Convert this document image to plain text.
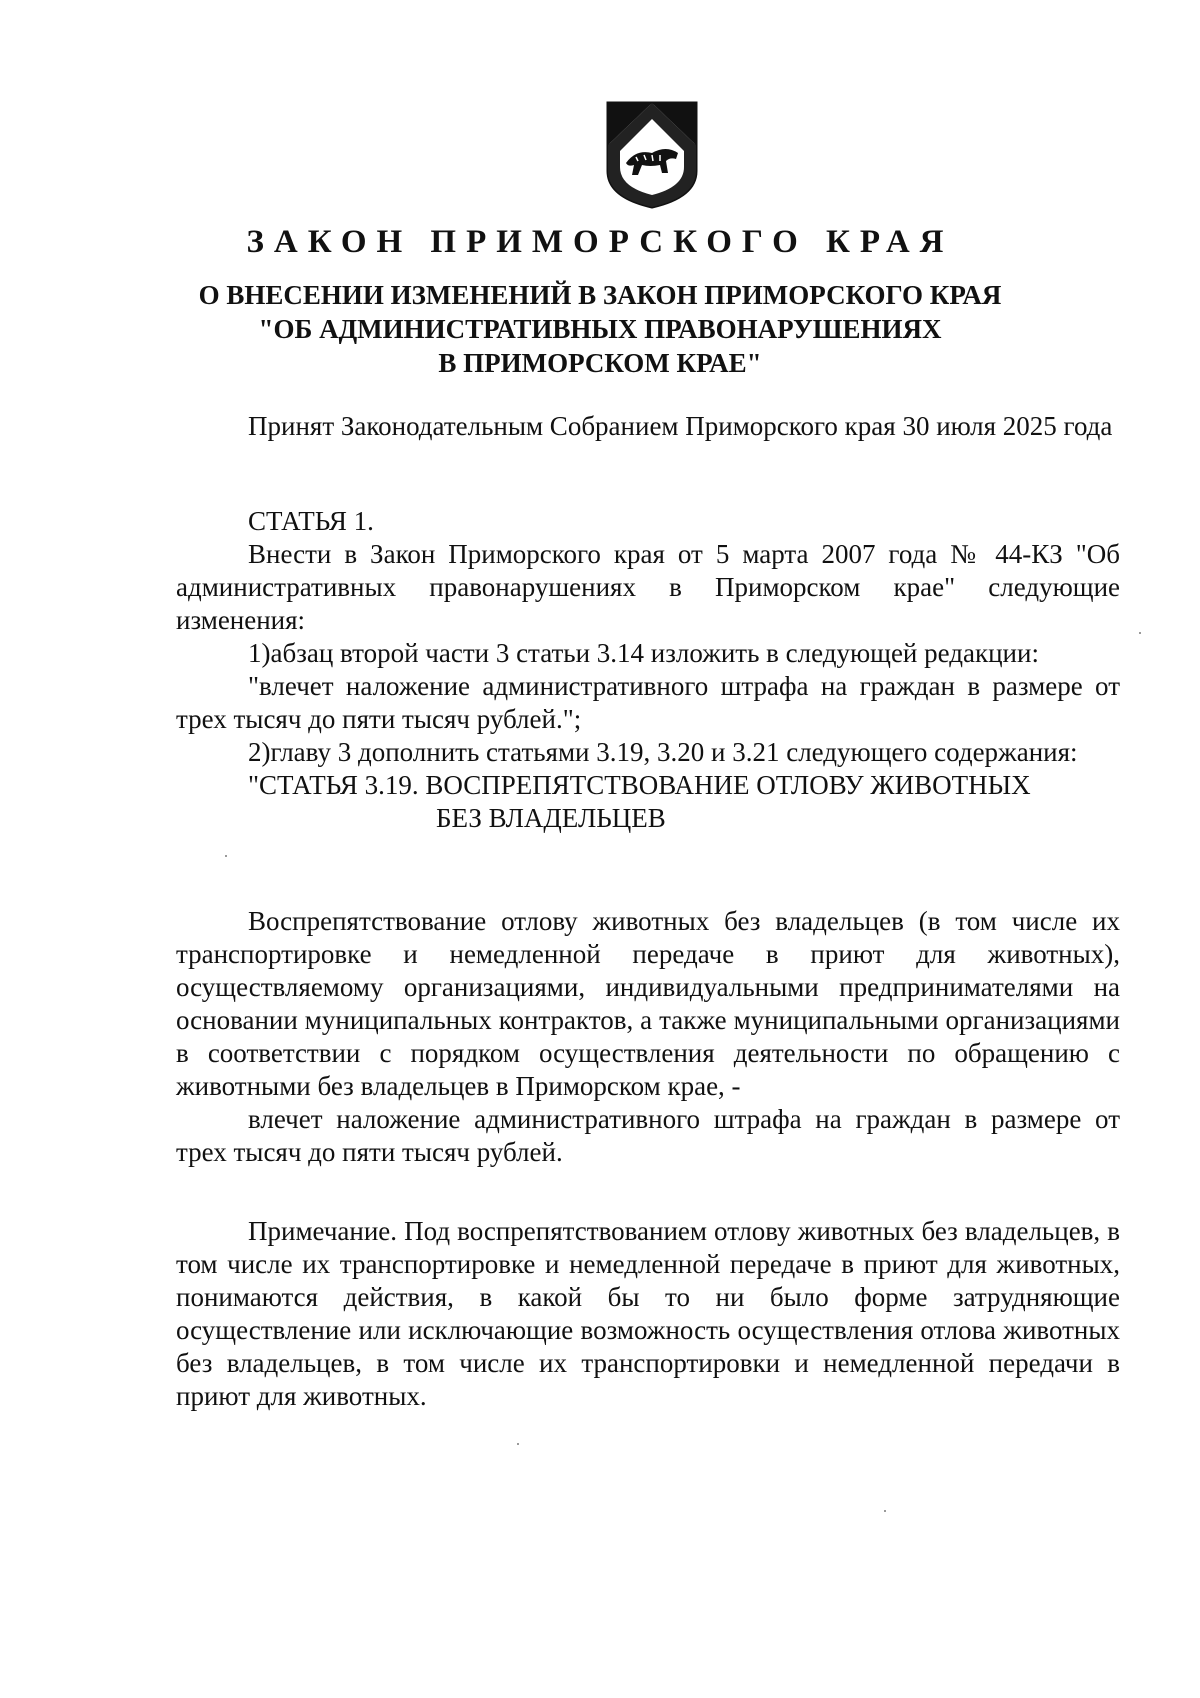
ЗАКОН ПРИМОРСКОГО КРАЯ
О ВНЕСЕНИИ ИЗМЕНЕНИЙ В ЗАКОН ПРИМОРСКОГО КРАЯ
"ОБ АДМИНИСТРАТИВНЫХ ПРАВОНАРУШЕНИЯХ
В ПРИМОРСКОМ КРАЕ"

Принят Законодательным Собранием Приморского края 30 июля 2025 года

СТАТЬЯ 1.

Внести в Закон Приморского края от 5 марта 2007 года № 44-КЗ "Об административных правонарушениях в Приморском крае" следующие изменения:

1)абзац второй части 3 статьи 3.14 изложить в следующей редакции:

"влечет наложение административного штрафа на граждан в размере от трех тысяч до пяти тысяч рублей.";

2)главу 3 дополнить статьями 3.19, 3.20 и 3.21 следующего содержания:

"СТАТЬЯ 3.19. ВОСПРЕПЯТСТВОВАНИЕ ОТЛОВУ ЖИВОТНЫХ
БЕЗ ВЛАДЕЛЬЦЕВ

Воспрепятствование отлову животных без владельцев (в том числе их транспортировке и немедленной передаче в приют для животных), осуществляемому организациями, индивидуальными предпринимателями на основании муниципальных контрактов, а также муниципальными организациями в соответствии с порядком осуществления деятельности по обращению с животными без владельцев в Приморском крае, -

влечет наложение административного штрафа на граждан в размере от трех тысяч до пяти тысяч рублей.

Примечание. Под воспрепятствованием отлову животных без владельцев, в том числе их транспортировке и немедленной передаче в приют для животных, понимаются действия, в какой бы то ни было форме затрудняющие осуществление или исключающие возможность осуществления отлова животных без владельцев, в том числе их транспортировки и немедленной передачи в приют для животных.
